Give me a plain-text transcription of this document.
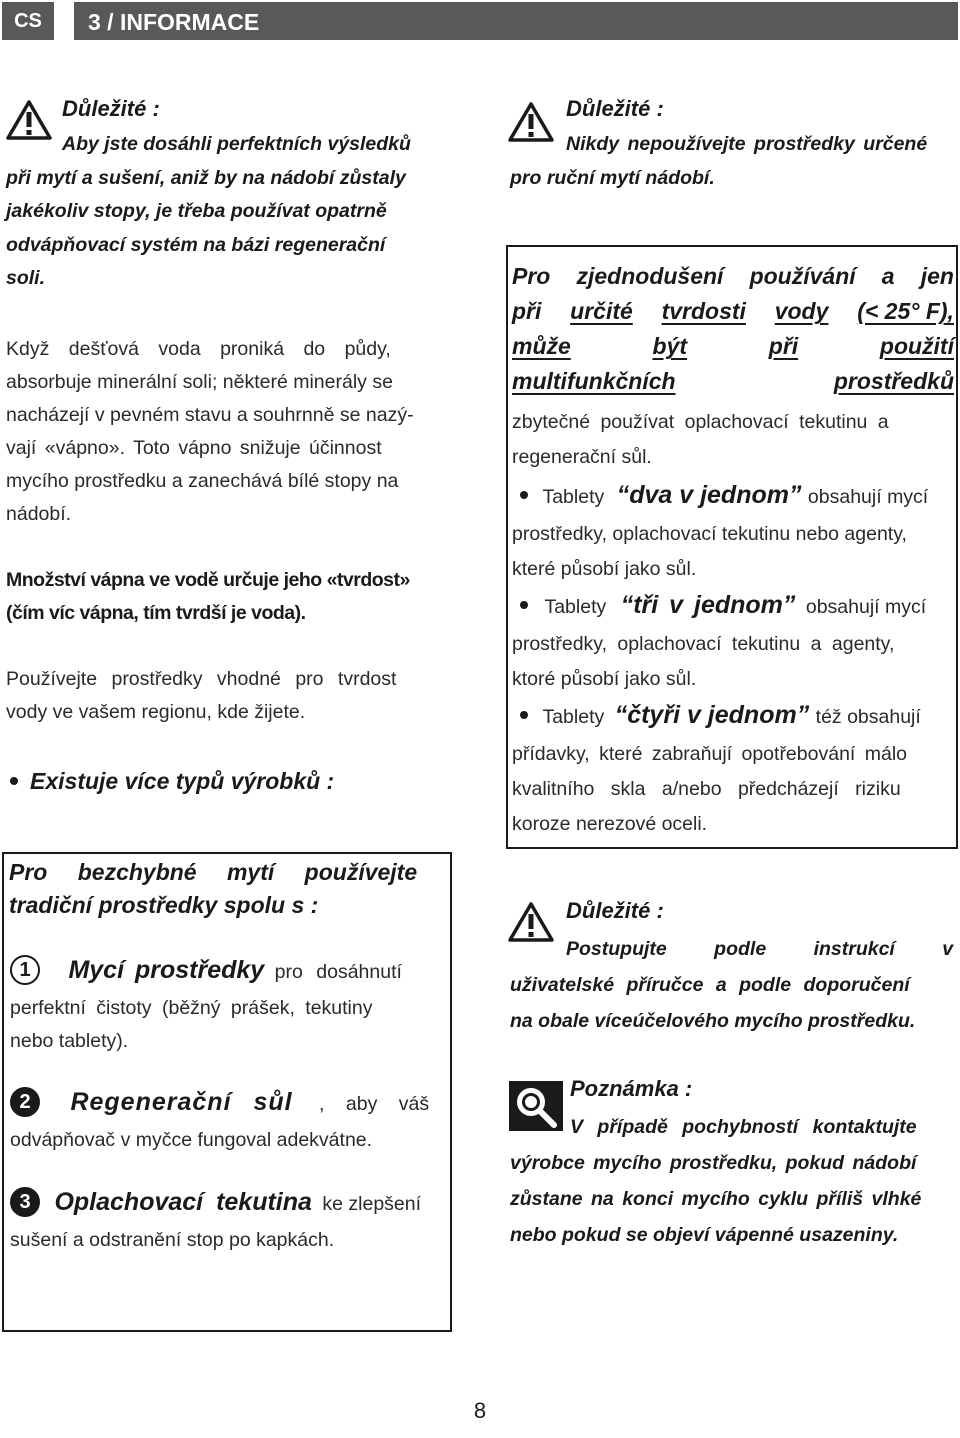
CS	3 / INFORMACE
Důležité :
Aby jste dosáhli perfektních výsledků
při mytí a sušení, aniž by na nádobí zůstaly
jakékoliv stopy, je třeba používat opatrně
odvápňovací systém na bázi regenerační
soli.
Když dešťová voda proniká do půdy,
absorbuje minerální soli; některé minerály se
nacházejí v pevném stavu a souhrnně se nazý-
vají «vápno». Toto vápno snižuje účinnost
mycího prostředku a zanechává bílé stopy na
nádobí.
Množství vápna ve vodě určuje jeho «tvrdost»
(čím víc vápna, tím tvrdší je voda).
Používejte prostředky vhodné pro tvrdost
vody ve vašem regionu, kde žijete.
Existuje více typů výrobků :
Pro bezchybné mytí používejte
tradiční prostředky spolu s :
1 Mycí prostředky pro dosáhnutí
perfektní čistoty (běžný prášek, tekutiny
nebo tablety).
2 Regenerační sůl , aby váš
odvápňovač v myčce fungoval adekvátne.
3 Oplachovací tekutina ke zlepšení
sušení a odstranění stop po kapkách.
Důležité :
Nikdy nepoužívejte prostředky určené
pro ruční mytí nádobí.
Pro zjednodušení používání a jen
při určité tvrdosti vody (< 25° F),
může	být	při	použití
multifunkčních	prostředků
zbytečné používat oplachovací tekutinu a
regenerační sůl.
Tablety “dva v jednom” obsahují mycí
prostředky, oplachovací tekutinu nebo agenty,
které působí jako sůl.
Tablety “tři v jednom” obsahují mycí
prostředky, oplachovací tekutinu a agenty,
ktoré působí jako sůl.
Tablety “čtyři v jednom” též obsahují
přídavky, které zabraňují opotřebování málo
kvalitního skla a/nebo předcházejí riziku
koroze nerezové oceli.
Důležité :
Postupujte podle instrukcí v
uživatelské příručce a podle doporučení
na obale víceúčelového mycího prostředku.
Poznámka :
V případě pochybností kontaktujte
výrobce mycího prostředku, pokud nádobí
zůstane na konci mycího cyklu příliš vlhké
nebo pokud se objeví vápenné usazeniny.
8
